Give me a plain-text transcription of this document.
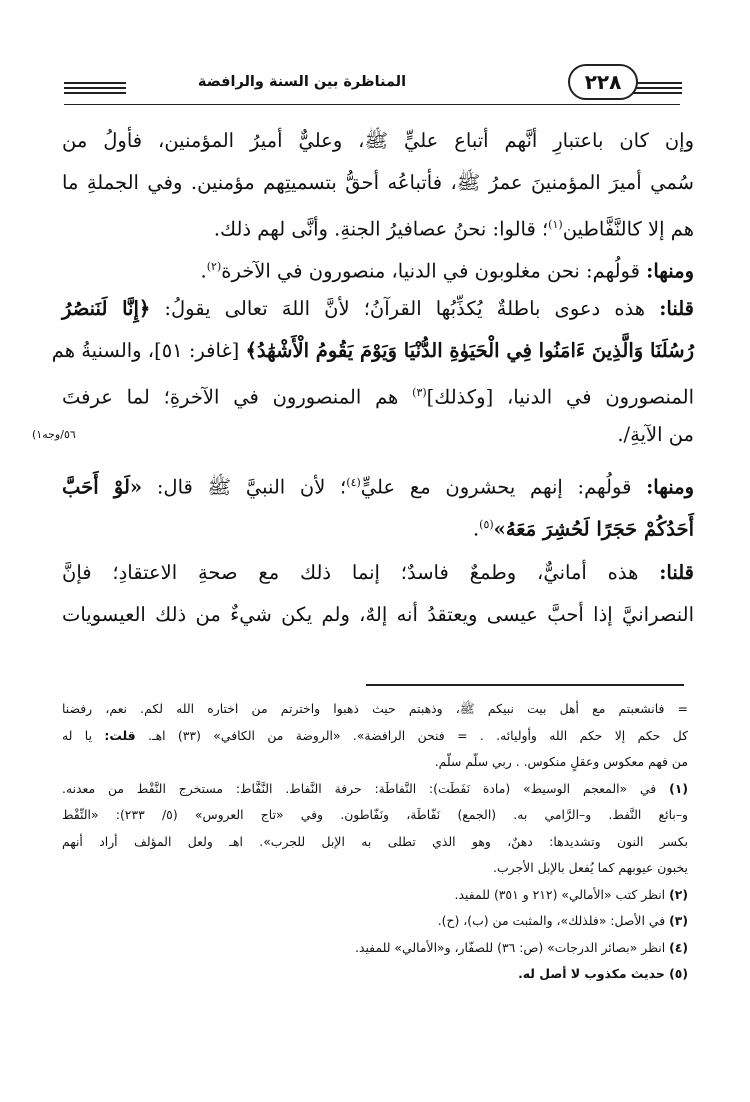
المناظرة بين السنة والرافضة	٢٢٨
وإن كان باعتبارِ أنَّهم أتباع عليٍّ ﷺ، وعليٌّ أميرُ المؤمنين، فأولُ من
سُمي أميرَ المؤمنينَ عمرُ ﷺ، فأتباعُه أحقُّ بتسميتِهم مؤمنين. وفي الجملةِ ما
هم إلا كالنَّفَّاطين$^{(١)}$؛ قالوا: نحنُ عصافيرُ الجنةِ. وأنَّى لهم ذلك.
ومنها: قولُهم: نحن مغلوبون في الدنيا، منصورون في الآخرة$^{(٢)}$.
قلنا: هذه دعوى باطلةٌ يُكذِّبُها القرآنُ؛ لأنَّ اللهَ تعالى يقولُ: ﴿إِنَّا لَنَنصُرُ
رُسُلَنَا وَالَّذِينَ ءَامَنُوا فِي الْحَيَوٰةِ الدُّنْيَا وَيَوْمَ يَقُومُ الْأَشْهَٰدُ﴾ [غافر: ٥١]، والسنيةُ هم
المنصورون في الدنيا، [وكذلك]$^{(٣)}$ هم المنصورون في الآخرةِ؛ لما عرفتَ
من الآيةِ/.
٥٦/وجه١)
ومنها: قولُهم: إنهم يحشرون مع عليٍّ$^{(٤)}$؛ لأن النبيَّ ﷺ قال: «لَوْ أَحَبَّ
أَحَدُكُمْ حَجَرًا لَحُشِرَ مَعَهُ»$^{(٥)}$.
قلنا: هذه أمانيٌّ، وطمعٌ فاسدٌ؛ إنما ذلك مع صحةِ الاعتقادِ؛ فإنَّ
النصرانيَّ إذا أحبَّ عيسى ويعتقدُ أنه إلهٌ، ولم يكن شيءٌ من ذلك العيسويات
= فانشعبتم مع أهل بيت نبيكم ﷺ، وذهبتم حيث ذهبوا واخترتم من اختاره الله لكم. نعم، رفضنا
كل حكم إلا حكم الله وأوليائه. . = فنحن الرافضة». «الروضة من الكافي» (٣٣) اهـ. قلت: يا له
من فهم معكوس وعقلٍ منكوس. . ربي سلّم سلّم.
(١) في «المعجم الوسيط» (مادة نَفَطَت): النَّفاطَة: حرفة النَّفاط. النَّفَّاط: مستخرج النَّفْط من معدنه.
و–بائع النَّفط. و–الرَّامي به. (الجمع) نَفّاطَة، ونَفّاطون. وفي «تاج العروس» (٥/ ٢٣٣): «النِّفْط
بكسر النون وتشديدها: دهنٌ، وهو الذي تطلى به الإبل للجرب». اهـ ولعل المؤلف أراد أنهم
يخبون عيوبهم كما يُفعل بالإبل الأجرب.
(٢) انظر كتب «الأمالي» (٢١٢ و ٣٥١) للمفيد.
(٣) في الأصل: «فلذلك»، والمثبت من (ب)، (ح).
(٤) انظر «بصائر الدرجات» (ص: ٣٦) للصفّار، و«الأمالي» للمفيد.
(٥) حديث مكذوب لا أصل له.
